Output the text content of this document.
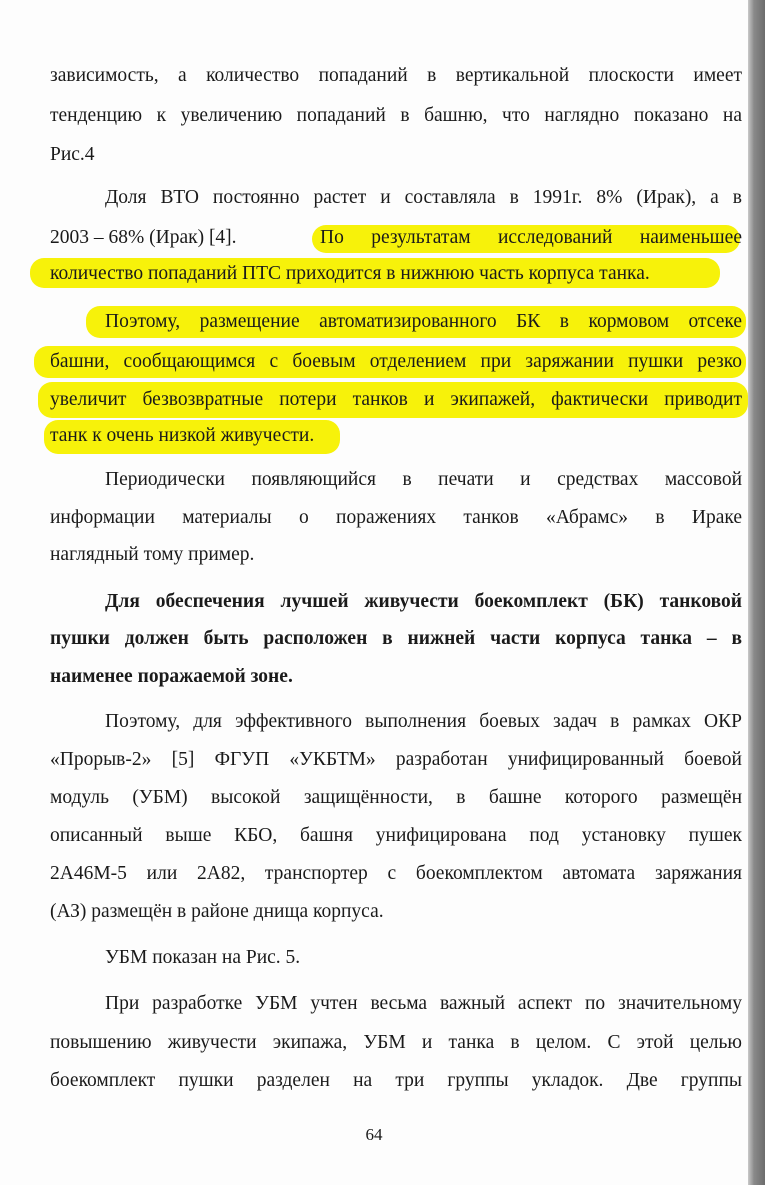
зависимость, а количество попаданий в вертикальной плоскости имеет
тенденцию к увеличению попаданий в башню, что наглядно показано на
Рис.4
Доля ВТО постоянно растет и составляла в 1991г. 8% (Ирак), а в
2003 – 68% (Ирак) [4].	По результатам исследований наименьшее
количество попаданий ПТС приходится в нижнюю часть корпуса танка.
Поэтому, размещение автоматизированного БК в кормовом отсеке
башни, сообщающимся с боевым отделением при заряжании пушки резко
увеличит безвозвратные потери танков и экипажей, фактически приводит
танк к очень низкой живучести.
Периодически появляющийся в печати и средствах массовой
информации материалы о поражениях танков «Абрамс» в Ираке
наглядный тому пример.
Для обеспечения лучшей живучести боекомплект (БК) танковой
пушки должен быть расположен в нижней части корпуса танка – в
наименее поражаемой зоне.
Поэтому, для эффективного выполнения боевых задач в рамках ОКР
«Прорыв-2» [5] ФГУП «УКБТМ» разработан унифицированный боевой
модуль (УБМ) высокой защищённости, в башне которого размещён
описанный выше КБО, башня унифицирована под установку пушек
2А46М-5 или 2А82, транспортер с боекомплектом автомата заряжания
(АЗ) размещён в районе днища корпуса.
УБМ показан на Рис. 5.
При разработке УБМ учтен весьма важный аспект по значительному
повышению живучести экипажа, УБМ и танка в целом. С этой целью
боекомплект пушки разделен на три группы укладок. Две группы
64
